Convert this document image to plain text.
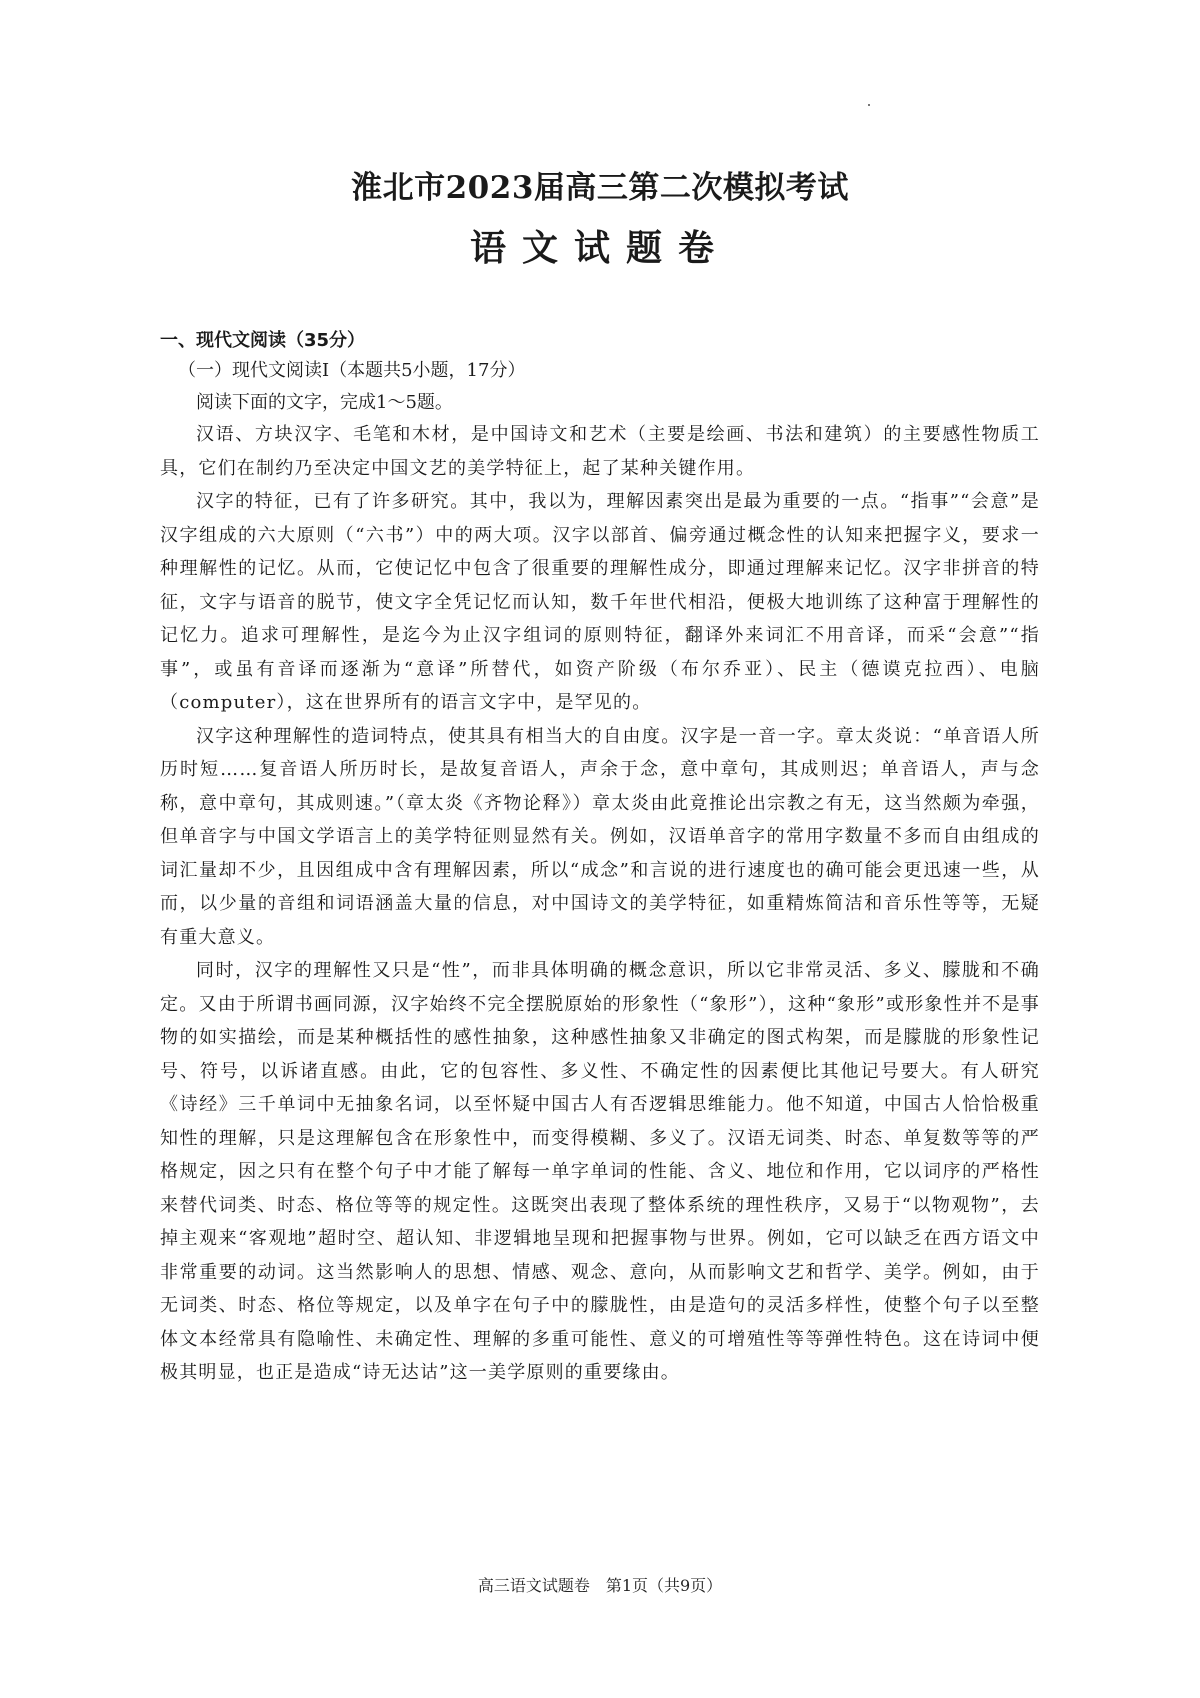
淮北市2023届高三第二次模拟考试
语文试题卷
一、现代文阅读（35分）
（一）现代文阅读Ⅰ（本题共5小题，17分）
阅读下面的文字，完成1～5题。

汉语、方块汉字、毛笔和木材，是中国诗文和艺术（主要是绘画、书法和建筑）的主要感性物质工具，它们在制约乃至决定中国文艺的美学特征上，起了某种关键作用。

汉字的特征，已有了许多研究。其中，我以为，理解因素突出是最为重要的一点。“指事”“会意”是汉字组成的六大原则（“六书”）中的两大项。汉字以部首、偏旁通过概念性的认知来把握字义，要求一种理解性的记忆。从而，它使记忆中包含了很重要的理解性成分，即通过理解来记忆。汉字非拼音的特征，文字与语音的脱节，使文字全凭记忆而认知，数千年世代相沿，便极大地训练了这种富于理解性的记忆力。追求可理解性，是迄今为止汉字组词的原则特征，翻译外来词汇不用音译，而采“会意”“指事”，或虽有音译而逐渐为“意译”所替代，如资产阶级（布尔乔亚）、民主（德谟克拉西）、电脑（computer），这在世界所有的语言文字中，是罕见的。

汉字这种理解性的造词特点，使其具有相当大的自由度。汉字是一音一字。章太炎说：“单音语人所历时短……复音语人所历时长，是故复音语人，声余于念，意中章句，其成则迟；单音语人，声与念称，意中章句，其成则速。”（章太炎《齐物论释》）章太炎由此竟推论出宗教之有无，这当然颇为牵强，但单音字与中国文学语言上的美学特征则显然有关。例如，汉语单音字的常用字数量不多而自由组成的词汇量却不少，且因组成中含有理解因素，所以“成念”和言说的进行速度也的确可能会更迅速一些，从而，以少量的音组和词语涵盖大量的信息，对中国诗文的美学特征，如重精炼简洁和音乐性等等，无疑有重大意义。

同时，汉字的理解性又只是“性”，而非具体明确的概念意识，所以它非常灵活、多义、朦胧和不确定。又由于所谓书画同源，汉字始终不完全摆脱原始的形象性（“象形”），这种“象形”或形象性并不是事物的如实描绘，而是某种概括性的感性抽象，这种感性抽象又非确定的图式构架，而是朦胧的形象性记号、符号，以诉诸直感。由此，它的包容性、多义性、不确定性的因素便比其他记号要大。有人研究《诗经》三千单词中无抽象名词，以至怀疑中国古人有否逻辑思维能力。他不知道，中国古人恰恰极重知性的理解，只是这理解包含在形象性中，而变得模糊、多义了。汉语无词类、时态、单复数等等的严格规定，因之只有在整个句子中才能了解每一单字单词的性能、含义、地位和作用，它以词序的严格性来替代词类、时态、格位等等的规定性。这既突出表现了整体系统的理性秩序，又易于“以物观物”，去掉主观来“客观地”超时空、超认知、非逻辑地呈现和把握事物与世界。例如，它可以缺乏在西方语文中非常重要的动词。这当然影响人的思想、情感、观念、意向，从而影响文艺和哲学、美学。例如，由于无词类、时态、格位等规定，以及单字在句子中的朦胧性，由是造句的灵活多样性，使整个句子以至整体文本经常具有隐喻性、未确定性、理解的多重可能性、意义的可增殖性等等弹性特色。这在诗词中便极其明显，也正是造成“诗无达诂”这一美学原则的重要缘由。

高三语文试题卷　第1页（共9页）
